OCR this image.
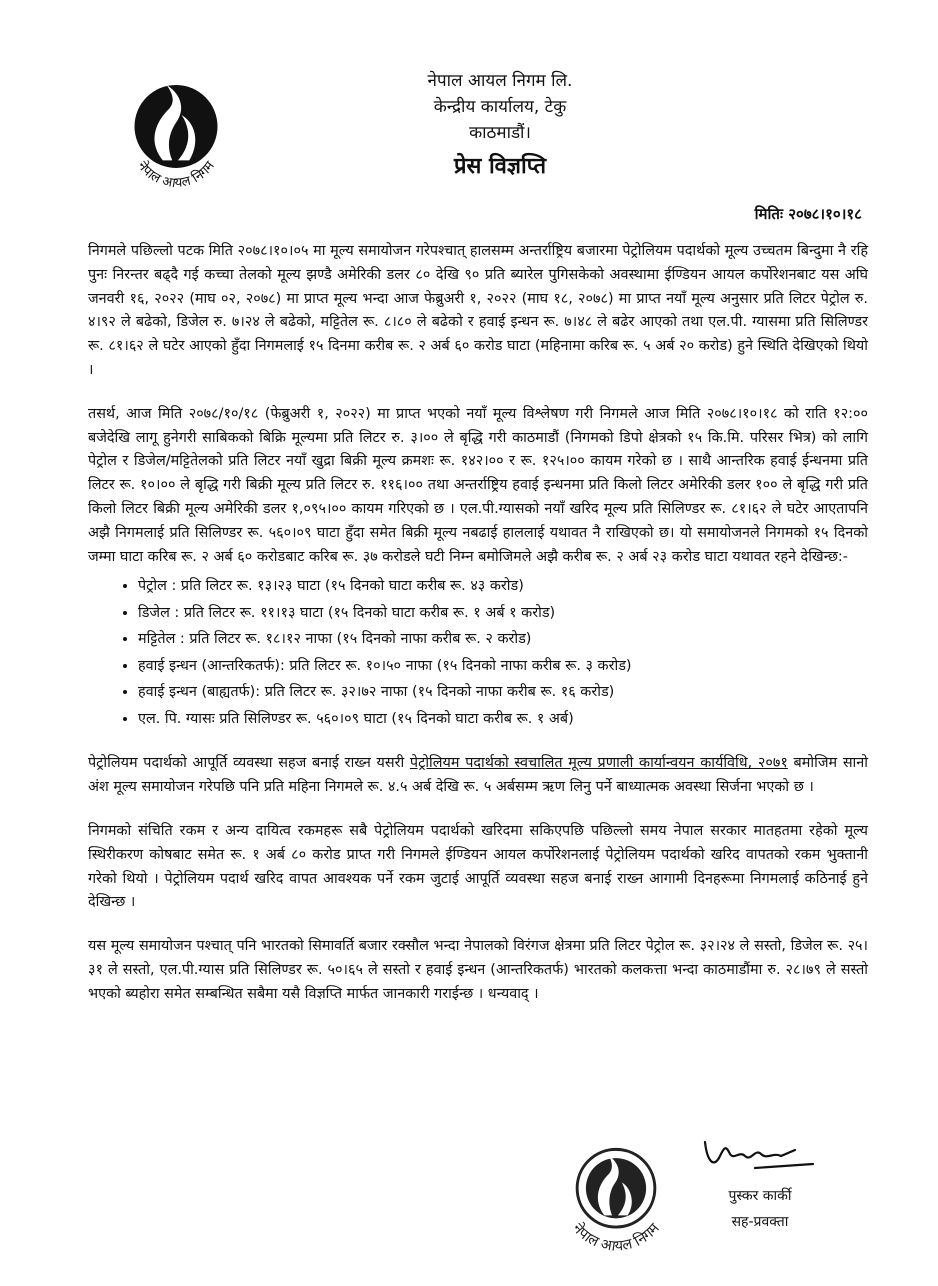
नेपाल आयल निगम
नेपाल आयल निगम लि.
केन्द्रीय कार्यालय, टेकु
काठमाडौं।
प्रेस विज्ञप्ति
मितिः २०७८।१०।१८

निगमले पछिल्लो पटक मिति २०७८।१०।०५ मा मूल्य समायोजन गरेपश्चात् हालसम्म अन्तर्राष्ट्रिय बजारमा पेट्रोलियम पदार्थको मूल्य उच्चतम बिन्दुमा नै रहि पुनः निरन्तर बढ्दै गई कच्चा तेलको मूल्य झण्डै अमेरिकी डलर ८० देखि ९० प्रति ब्यारेल पुगिसकेको अवस्थामा ईण्डियन आयल कर्पोरेशनबाट यस अघि जनवरी १६, २०२२ (माघ ०२, २०७८) मा प्राप्त मूल्य भन्दा आज फेब्रुअरी १, २०२२ (माघ १८, २०७८) मा प्राप्त नयाँ मूल्य अनुसार प्रति लिटर पेट्रोल रु. ४।९२ ले बढेको, डिजेल रु. ७।२४ ले बढेको, मट्टितेल रू. ८।८० ले बढेको र हवाई इन्धन रू. ७।४८ ले बढेर आएको तथा एल.पी. ग्यासमा प्रति सिलिण्डर रू. ८१।६२ ले घटेर आएको हुँदा निगमलाई १५ दिनमा करीब रू. २ अर्ब ६० करोड घाटा (महिनामा करिब रू. ५ अर्ब २० करोड) हुने स्थिति देखिएको थियो ।

तसर्थ, आज मिति २०७८/१०/१८ (फेब्रुअरी १, २०२२) मा प्राप्त भएको नयाँ मूल्य विश्लेषण गरी निगमले आज मिति २०७८।१०।१८ को राति १२:०० बजेदेखि लागू हुनेगरी साबिकको बिक्रि मूल्यमा प्रति लिटर रु. ३।०० ले बृद्धि गरी काठमाडौं (निगमको डिपो क्षेत्रको १५ कि.मि. परिसर भित्र) को लागि पेट्रोल र डिजेल/मट्टितेलको प्रति लिटर नयाँ खुद्रा बिक्री मूल्य क्रमशः रू. १४२।०० र रू. १२५।०० कायम गरेको छ । साथै आन्तरिक हवाई ईन्धनमा प्रति लिटर रू. १०।०० ले बृद्धि गरी बिक्री मूल्य प्रति लिटर रु. ११६।०० तथा अन्तर्राष्ट्रिय हवाई इन्धनमा प्रति किलो लिटर अमेरिकी डलर १०० ले बृद्धि गरी प्रति किलो लिटर बिक्री मूल्य अमेरिकी डलर १,०९५।०० कायम गरिएको छ । एल.पी.ग्यासको नयाँ खरिद मूल्य प्रति सिलिण्डर रू. ८१।६२ ले घटेर आएतापनि अझै निगमलाई प्रति सिलिण्डर रू. ५६०।०९ घाटा हुँदा समेत बिक्री मूल्य नबढाई हाललाई यथावत नै राखिएको छ। यो समायोजनले निगमको १५ दिनको जम्मा घाटा करिब रू. २ अर्ब ६० करोडबाट करिब रू. ३७ करोडले घटी निम्न बमोजिमले अझै करीब रू. २ अर्ब २३ करोड घाटा यथावत रहने देखिन्छ:-

• पेट्रोल : प्रति लिटर रू. १३।२३ घाटा (१५ दिनको घाटा करीब रू. ४३ करोड)
• डिजेल : प्रति लिटर रू. ११।१३ घाटा (१५ दिनको घाटा करीब रू. १ अर्ब १ करोड)
• मट्टितेल : प्रति लिटर रू. १८।१२ नाफा (१५ दिनको नाफा करीब रू. २ करोड)
• हवाई इन्धन (आन्तरिकतर्फ): प्रति लिटर रू. १०।५० नाफा (१५ दिनको नाफा करीब रू. ३ करोड)
• हवाई इन्धन (बाह्यतर्फ): प्रति लिटर रू. ३२।७२ नाफा (१५ दिनको नाफा करीब रू. १६ करोड)
• एल. पि. ग्यासः प्रति सिलिण्डर रू. ५६०।०९ घाटा (१५ दिनको घाटा करीब रू. १ अर्ब)

पेट्रोलियम पदार्थको आपूर्ति व्यवस्था सहज बनाई राख्न यसरी पेट्रोलियम पदार्थको स्वचालित मूल्य प्रणाली कार्यान्वयन कार्यविधि, २०७१ बमोजिम सानो अंश मूल्य समायोजन गरेपछि पनि प्रति महिना निगमले रू. ४.५ अर्ब देखि रू. ५ अर्बसम्म ऋण लिनु पर्ने बाध्यात्मक अवस्था सिर्जना भएको छ ।

निगमको संचिति रकम र अन्य दायित्व रकमहरू सबै पेट्रोलियम पदार्थको खरिदमा सकिएपछि पछिल्लो समय नेपाल सरकार मातहतमा रहेको मूल्य स्थिरीकरण कोषबाट समेत रू. १ अर्ब ८० करोड प्राप्त गरी निगमले ईण्डियन आयल कर्पोरेशनलाई पेट्रोलियम पदार्थको खरिद वापतको रकम भुक्तानी गरेको थियो । पेट्रोलियम पदार्थ खरिद वापत आवश्यक पर्ने रकम जुटाई आपूर्ति व्यवस्था सहज बनाई राख्न आगामी दिनहरूमा निगमलाई कठिनाई हुने देखिन्छ ।

यस मूल्य समायोजन पश्चात् पनि भारतको सिमावर्ति बजार रक्सौल भन्दा नेपालको विरंगज क्षेत्रमा प्रति लिटर पेट्रोल रू. ३२।२४ ले सस्तो, डिजेल रू. २५।३१ ले सस्तो, एल.पी.ग्यास प्रति सिलिण्डर रू. ५०।६५ ले सस्तो र हवाई इन्धन (आन्तरिकतर्फ) भारतको कलकत्ता भन्दा काठमाडौंमा रु. २८।७९ ले सस्तो भएको ब्यहोरा समेत सम्बन्धित सबैमा यसै विज्ञप्ति मार्फत जानकारी गराईन्छ । धन्यवाद् ।

नेपाल आयल निगम
पुस्कर कार्की
सह-प्रवक्ता
